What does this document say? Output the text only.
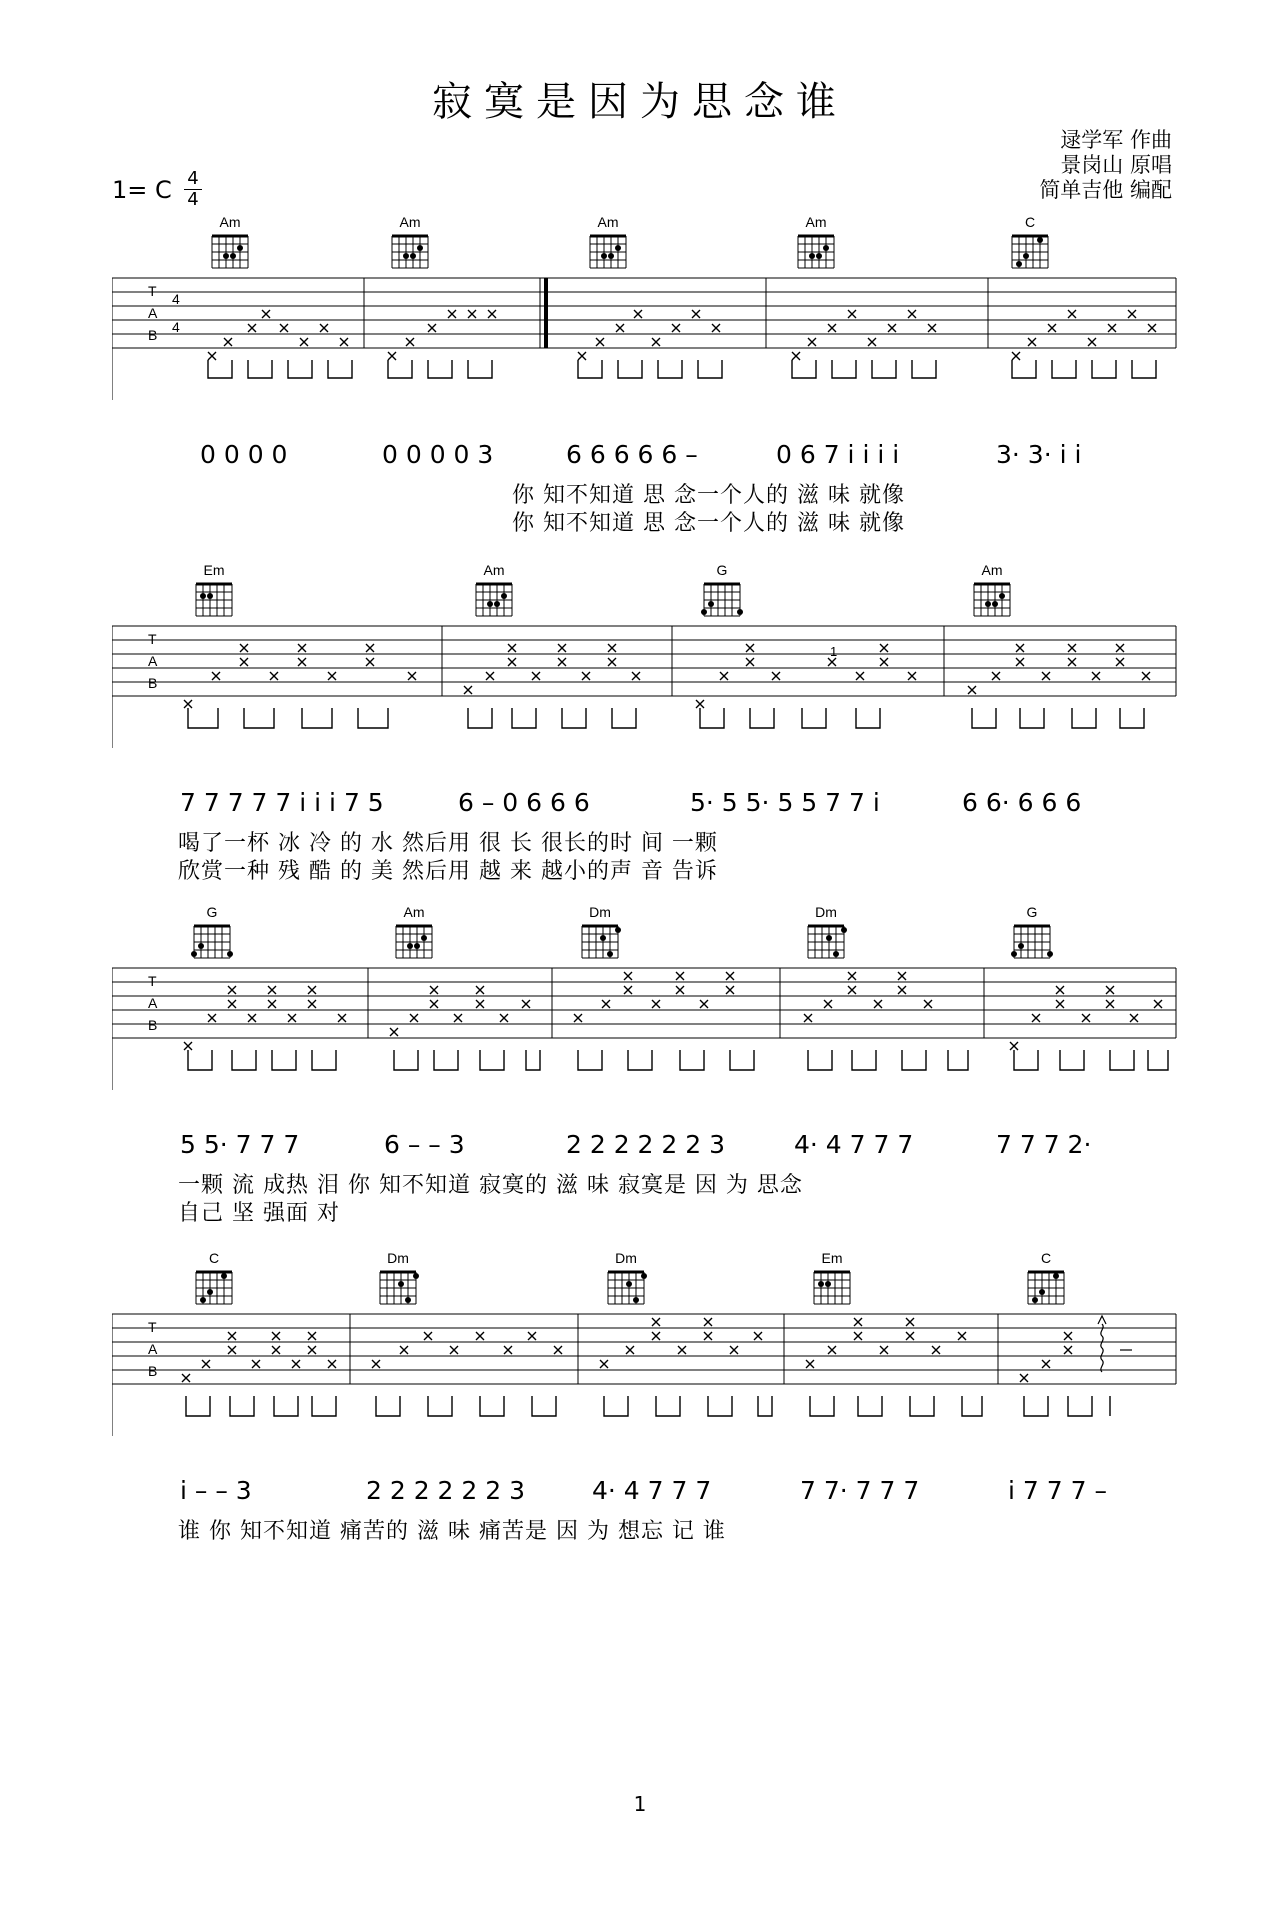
寂寞是因为思念谁
逯学军 作曲
景岗山 原唱
简单吉他 编配
1= C 4
4
Am	Am	Am	Am	C
T
A
B
4
4
0 0 0 0	0 0 0 0 3	6 6 6 6 6 –	0 6 7 i i i i	3· 3· i i
你 知不知道 思 念一个人的 滋 味 就像
你 知不知道 思 念一个人的 滋 味 就像
Em	Am	G	Am
T
A
B
1
7 7 7 7 7 i i i 7 5	6 – 0 6 6 6	5· 5 5· 5 5 7 7 i	6 6· 6 6 6
喝了一杯 冰 冷 的 水 然后用 很 长 很长的时 间 一颗
欣赏一种 残 酷 的 美 然后用 越 来 越小的声 音 告诉
G	Am	Dm	Dm	G
T
A
B
5 5· 7 7 7	6 – – 3	2 2 2 2 2 2 3	4· 4 7 7 7	7 7 7 2·
一颗 流 成热 泪 你 知不知道 寂寞的 滋 味 寂寞是 因 为 思念
自己 坚 强面 对
C	Dm	Dm	Em	C
T
A
B
i – – 3	2 2 2 2 2 2 3	4· 4 7 7 7	7 7· 7 7 7	i 7 7 7 –
谁 你 知不知道 痛苦的 滋 味 痛苦是 因 为 想忘 记 谁
1
